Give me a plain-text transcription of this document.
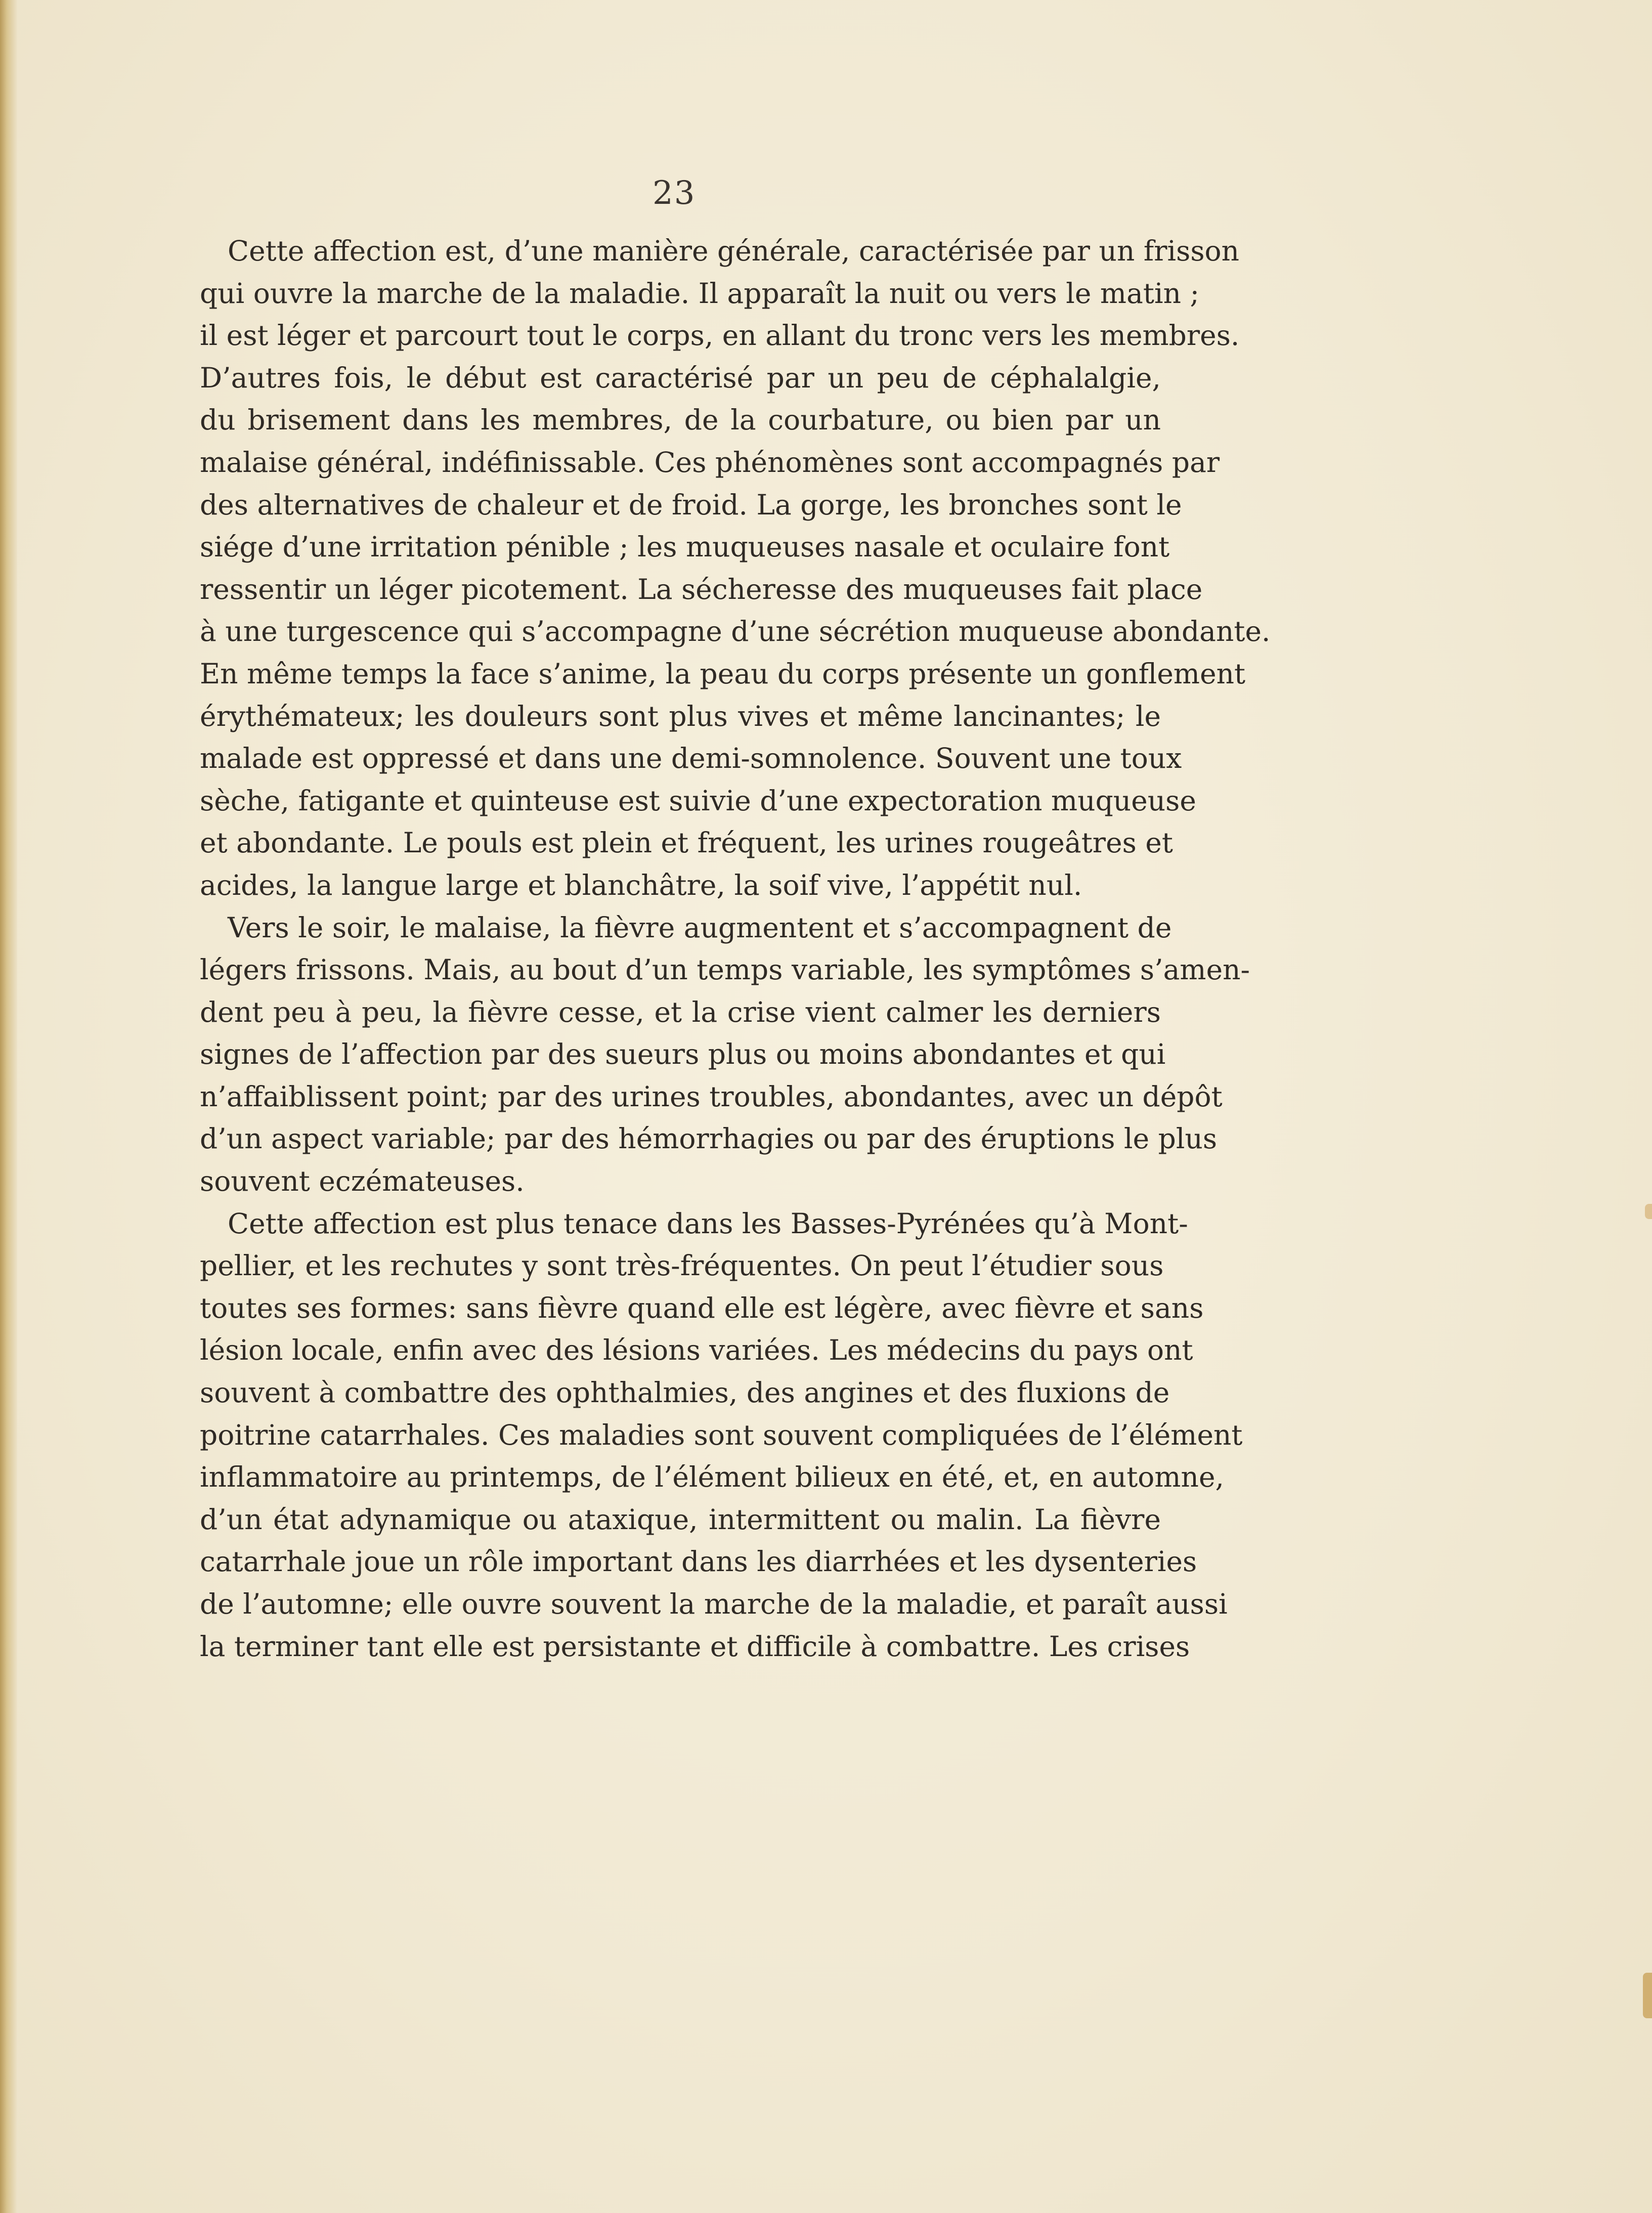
23
Cette affection est, d’une manière générale, caractérisée par un frisson
qui ouvre la marche de la maladie. Il apparaît la nuit ou vers le matin ;
il est léger et parcourt tout le corps, en allant du tronc vers les membres.
D’autres fois, le début est caractérisé par un peu de céphalalgie,
du brisement dans les membres, de la courbature, ou bien par un
malaise général, indéfinissable. Ces phénomènes sont accompagnés par
des alternatives de chaleur et de froid. La gorge, les bronches sont le
siége d’une irritation pénible ; les muqueuses nasale et oculaire font
ressentir un léger picotement. La sécheresse des muqueuses fait place
à une turgescence qui s’accompagne d’une sécrétion muqueuse abondante.
En même temps la face s’anime, la peau du corps présente un gonflement
érythémateux; les douleurs sont plus vives et même lancinantes; le
malade est oppressé et dans une demi-somnolence. Souvent une toux
sèche, fatigante et quinteuse est suivie d’une expectoration muqueuse
et abondante. Le pouls est plein et fréquent, les urines rougeâtres et
acides, la langue large et blanchâtre, la soif vive, l’appétit nul.
Vers le soir, le malaise, la fièvre augmentent et s’accompagnent de
légers frissons. Mais, au bout d’un temps variable, les symptômes s’amen-
dent peu à peu, la fièvre cesse, et la crise vient calmer les derniers
signes de l’affection par des sueurs plus ou moins abondantes et qui
n’affaiblissent point; par des urines troubles, abondantes, avec un dépôt
d’un aspect variable; par des hémorrhagies ou par des éruptions le plus
souvent eczémateuses.
Cette affection est plus tenace dans les Basses-Pyrénées qu’à Mont-
pellier, et les rechutes y sont très-fréquentes. On peut l’étudier sous
toutes ses formes: sans fièvre quand elle est légère, avec fièvre et sans
lésion locale, enfin avec des lésions variées. Les médecins du pays ont
souvent à combattre des ophthalmies, des angines et des fluxions de
poitrine catarrhales. Ces maladies sont souvent compliquées de l’élément
inflammatoire au printemps, de l’élément bilieux en été, et, en automne,
d’un état adynamique ou ataxique, intermittent ou malin. La fièvre
catarrhale joue un rôle important dans les diarrhées et les dysenteries
de l’automne; elle ouvre souvent la marche de la maladie, et paraît aussi
la terminer tant elle est persistante et difficile à combattre. Les crises
